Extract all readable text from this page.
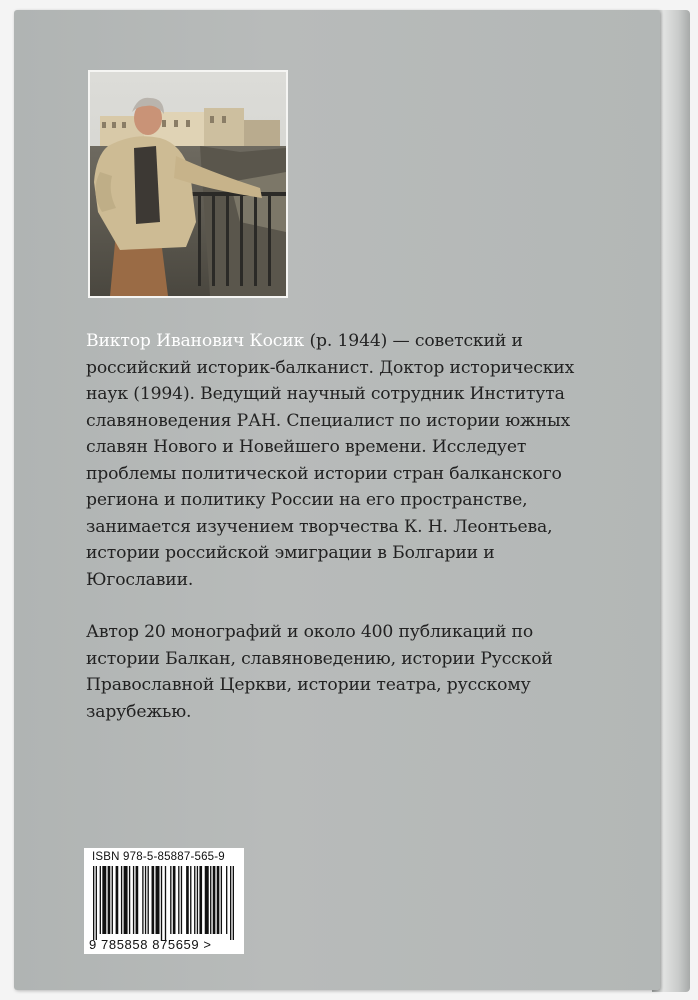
Виктор Иванович Косик (р. 1944) — советский и
российский историк-балканист. Доктор исторических
наук (1994). Ведущий научный сотрудник Института
славяноведения РАН. Специалист по истории южных
славян Нового и Новейшего времени. Исследует
проблемы политической истории стран балканского
региона и политику России на его пространстве,
занимается изучением творчества К. Н. Леонтьева,
истории российской эмиграции в Болгарии и
Югославии.

Автор 20 монографий и около 400 публикаций по
истории Балкан, славяноведению, истории Русской
Православной Церкви, истории театра, русскому
зарубежью.

ISBN 978-5-85887-565-9
9 785858 875659 >
